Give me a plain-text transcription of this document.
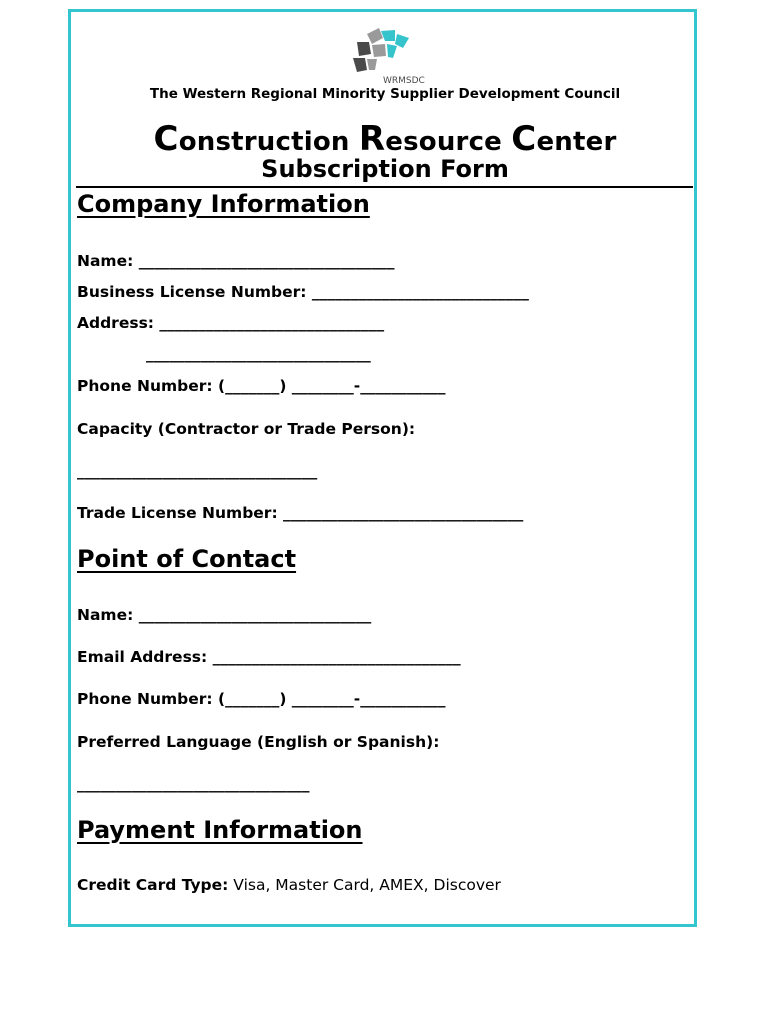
WRMSDC
The Western Regional Minority Supplier Development Council
Construction Resource Center
Subscription Form
Company Information
Name: _________________________________
Business License Number: ____________________________
Address: _____________________________
_____________________________
Phone Number: (_______) ________-___________
Capacity (Contractor or Trade Person):
_______________________________
Trade License Number: _______________________________
Point of Contact
Name: ______________________________
Email Address: ________________________________
Phone Number: (_______) ________-___________
Preferred Language (English or Spanish):
______________________________
Payment Information
Credit Card Type: Visa, Master Card, AMEX, Discover
